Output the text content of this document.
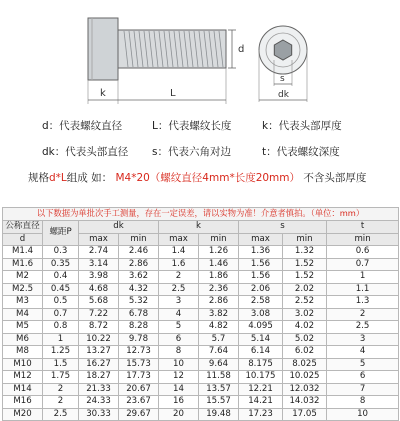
d
k	L
s
dk
d：代表螺纹直径	L：代表螺纹长度	k：代表头部厚度
dk：代表头部直径 s：代表六角对边	t：代表螺纹深度
规格d*L组成 如： M4*20（螺纹直径4mm*长度20mm） 不含头部厚度
以下数据为单批次手工测量，存在一定误差，请以实物为准！介意者慎拍。（单位：mm）								
公称直径	螺距P	dk		k		s		t
d		max	min	max	min	max	min	min
M1.4	0.3	2.74	2.46	1.4	1.26	1.36	1.32	0.6
M1.6	0.35	3.14	2.86	1.6	1.46	1.56	1.52	0.7
M2	0.4	3.98	3.62	2	1.86	1.56	1.52	1
M2.5	0.45	4.68	4.32	2.5	2.36	2.06	2.02	1.1
M3	0.5	5.68	5.32	3	2.86	2.58	2.52	1.3
M4	0.7	7.22	6.78	4	3.82	3.08	3.02	2
M5	0.8	8.72	8.28	5	4.82	4.095	4.02	2.5
M6	1	10.22	9.78	6	5.7	5.14	5.02	3
M8	1.25	13.27	12.73	8	7.64	6.14	6.02	4
M10	1.5	16.27	15.73	10	9.64	8.175	8.025	5
M12	1.75	18.27	17.73	12	11.58	10.175	10.025	6
M14	2	21.33	20.67	14	13.57	12.21	12.032	7
M16	2	24.33	23.67	16	15.57	14.21	14.032	8
M20	2.5	30.33	29.67	20	19.48	17.23	17.05	10
